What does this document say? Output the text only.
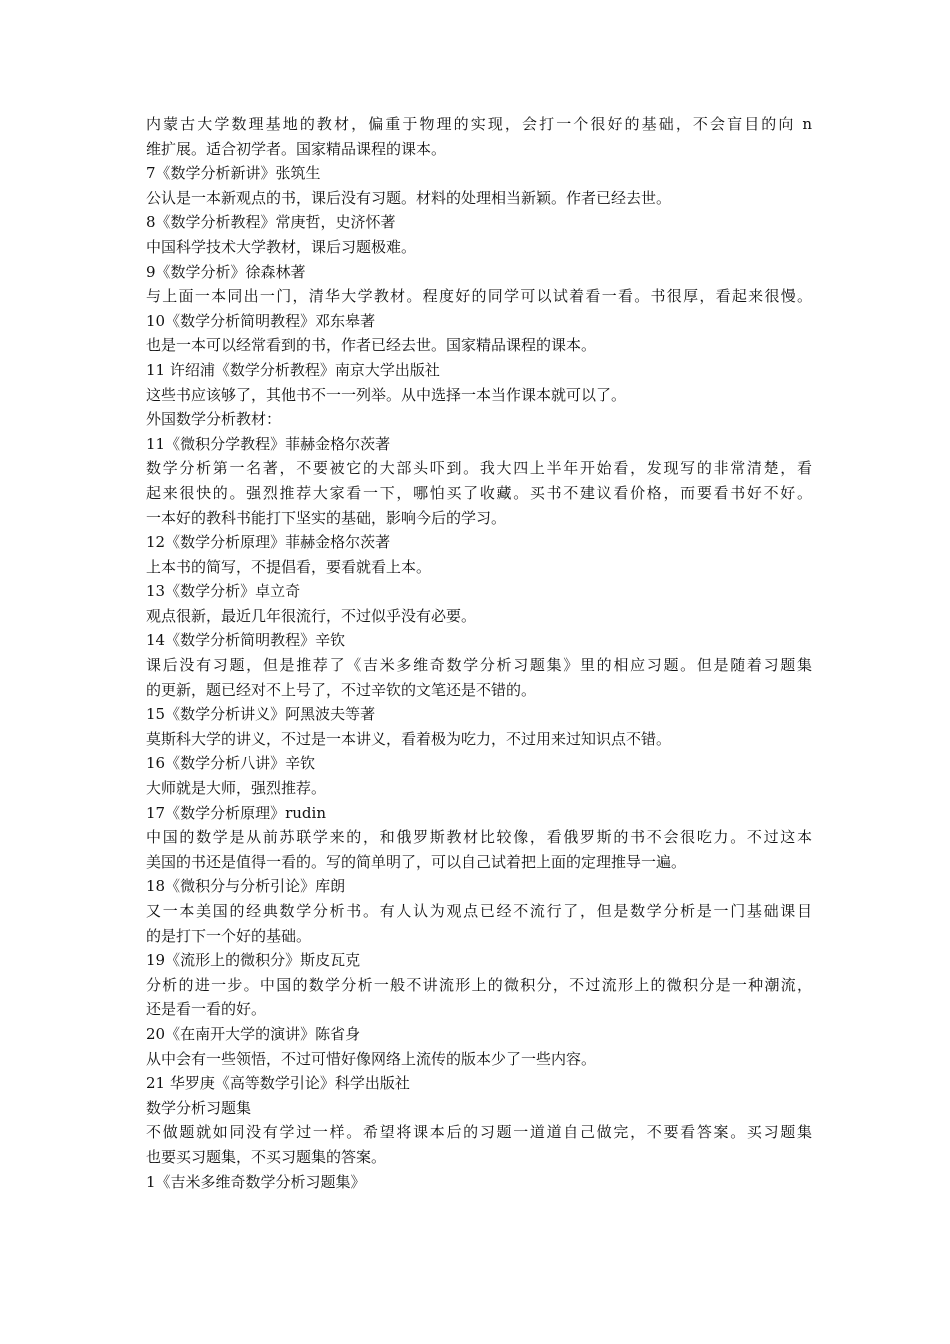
内蒙古大学数理基地的教材，偏重于物理的实现，会打一个很好的基础，不会盲目的向 n
维扩展。适合初学者。国家精品课程的课本。
7《数学分析新讲》张筑生
公认是一本新观点的书，课后没有习题。材料的处理相当新颖。作者已经去世。
8《数学分析教程》常庚哲，史济怀著
中国科学技术大学教材，课后习题极难。
9《数学分析》徐森林著
与上面一本同出一门，清华大学教材。程度好的同学可以试着看一看。书很厚，看起来很慢。
10《数学分析简明教程》邓东皋著
也是一本可以经常看到的书，作者已经去世。国家精品课程的课本。
11 许绍浦《数学分析教程》南京大学出版社
这些书应该够了，其他书不一一列举。从中选择一本当作课本就可以了。
外国数学分析教材：
11《微积分学教程》菲赫金格尔茨著
数学分析第一名著，不要被它的大部头吓到。我大四上半年开始看，发现写的非常清楚，看
起来很快的。强烈推荐大家看一下，哪怕买了收藏。买书不建议看价格，而要看书好不好。
一本好的教科书能打下坚实的基础，影响今后的学习。
12《数学分析原理》菲赫金格尔茨著
上本书的简写，不提倡看，要看就看上本。
13《数学分析》卓立奇
观点很新，最近几年很流行，不过似乎没有必要。
14《数学分析简明教程》辛钦
课后没有习题，但是推荐了《吉米多维奇数学分析习题集》里的相应习题。但是随着习题集
的更新，题已经对不上号了，不过辛钦的文笔还是不错的。
15《数学分析讲义》阿黑波夫等著
莫斯科大学的讲义，不过是一本讲义，看着极为吃力，不过用来过知识点不错。
16《数学分析八讲》辛钦
大师就是大师，强烈推荐。
17《数学分析原理》rudin
中国的数学是从前苏联学来的，和俄罗斯教材比较像，看俄罗斯的书不会很吃力。不过这本
美国的书还是值得一看的。写的简单明了，可以自己试着把上面的定理推导一遍。
18《微积分与分析引论》库朗
又一本美国的经典数学分析书。有人认为观点已经不流行了，但是数学分析是一门基础课目
的是打下一个好的基础。
19《流形上的微积分》斯皮瓦克
分析的进一步。中国的数学分析一般不讲流形上的微积分，不过流形上的微积分是一种潮流，
还是看一看的好。
20《在南开大学的演讲》陈省身
从中会有一些领悟，不过可惜好像网络上流传的版本少了一些内容。
21 华罗庚《高等数学引论》科学出版社
数学分析习题集
不做题就如同没有学过一样。希望将课本后的习题一道道自己做完，不要看答案。买习题集
也要买习题集，不买习题集的答案。
1《吉米多维奇数学分析习题集》
